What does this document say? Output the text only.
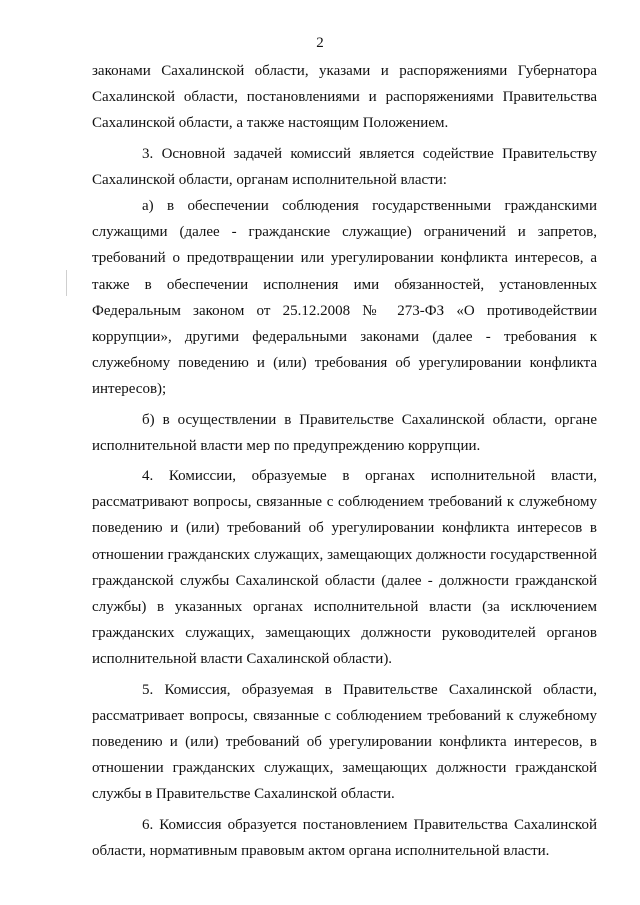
2

законами Сахалинской области, указами и распоряжениями Губернатора Сахалинской области, постановлениями и распоряжениями Правительства Сахалинской области, а также настоящим Положением.

3. Основной задачей комиссий является содействие Правительству Сахалинской области, органам исполнительной власти:

а) в обеспечении соблюдения государственными гражданскими служащими (далее - гражданские служащие) ограничений и запретов, требований о предотвращении или урегулировании конфликта интересов, а также в обеспечении исполнения ими обязанностей, установленных Федеральным законом от 25.12.2008 № 273-ФЗ «О противодействии коррупции», другими федеральными законами (далее - требования к служебному поведению и (или) требования об урегулировании конфликта интересов);

б) в осуществлении в Правительстве Сахалинской области, органе исполнительной власти мер по предупреждению коррупции.

4. Комиссии, образуемые в органах исполнительной власти, рассматривают вопросы, связанные с соблюдением требований к служебному поведению и (или) требований об урегулировании конфликта интересов в отношении гражданских служащих, замещающих должности государственной гражданской службы Сахалинской области (далее - должности гражданской службы) в указанных органах исполнительной власти (за исключением гражданских служащих, замещающих должности руководителей органов исполнительной власти Сахалинской области).

5. Комиссия, образуемая в Правительстве Сахалинской области, рассматривает вопросы, связанные с соблюдением требований к служебному поведению и (или) требований об урегулировании конфликта интересов, в отношении гражданских служащих, замещающих должности гражданской службы в Правительстве Сахалинской области.

6. Комиссия образуется постановлением Правительства Сахалинской области, нормативным правовым актом органа исполнительной власти.
